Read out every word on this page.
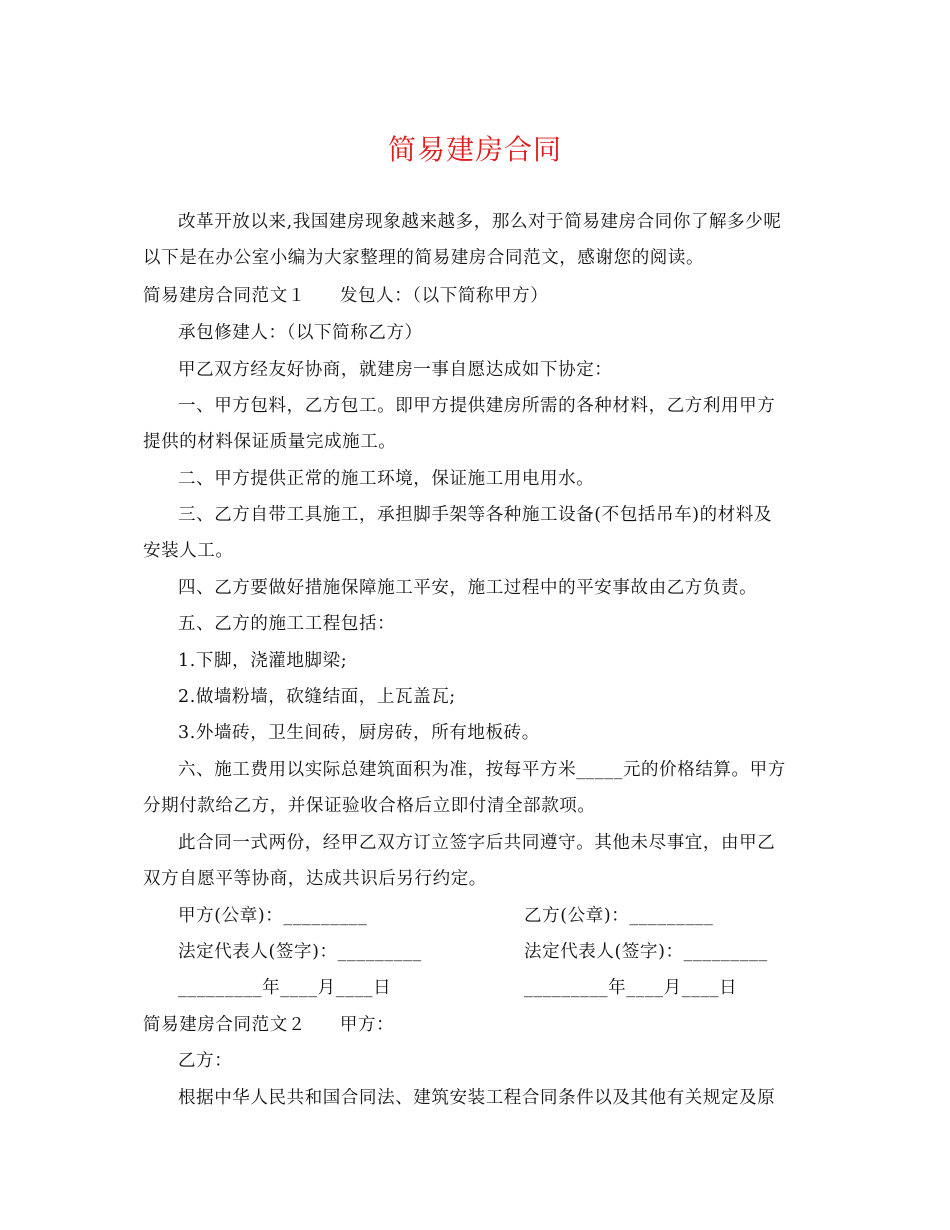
简易建房合同
改革开放以来,我国建房现象越来越多，那么对于简易建房合同你了解多少呢
以下是在办公室小编为大家整理的简易建房合同范文，感谢您的阅读。
简易建房合同范文１ 发包人：（以下简称甲方）
承包修建人：（以下简称乙方）
甲乙双方经友好协商，就建房一事自愿达成如下协定：
一、甲方包料，乙方包工。即甲方提供建房所需的各种材料，乙方利用甲方
提供的材料保证质量完成施工。
二、甲方提供正常的施工环境，保证施工用电用水。
三、乙方自带工具施工，承担脚手架等各种施工设备(不包括吊车)的材料及
安装人工。
四、乙方要做好措施保障施工平安，施工过程中的平安事故由乙方负责。
五、乙方的施工工程包括：
1.下脚，浇灌地脚梁;
2.做墙粉墙，砍缝结面，上瓦盖瓦;
3.外墙砖，卫生间砖，厨房砖，所有地板砖。
六、施工费用以实际总建筑面积为准，按每平方米_____元的价格结算。甲方
分期付款给乙方，并保证验收合格后立即付清全部款项。
此合同一式两份，经甲乙双方订立签字后共同遵守。其他未尽事宜，由甲乙
双方自愿平等协商，达成共识后另行约定。
甲方(公章)：_________	乙方(公章)：_________
法定代表人(签字)：_________	法定代表人(签字)：_________
_________年____月____日	_________年____月____日
简易建房合同范文２ 甲方：
乙方：
根据中华人民共和国合同法、建筑安装工程合同条件以及其他有关规定及原
